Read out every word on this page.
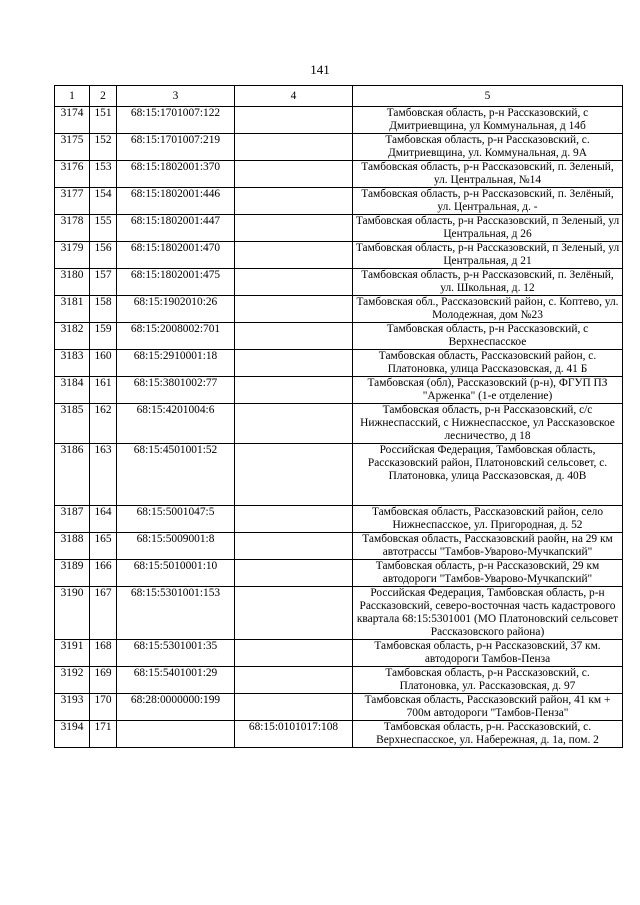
141
1	2	3	4	5
3174	151	68:15:1701007:122		Тамбовская область, р-н Рассказовский, с Дмитриевщина, ул Коммунальная, д 14б
3175	152	68:15:1701007:219		Тамбовская область, р-н Рассказовский, с. Дмитриевщина, ул. Коммунальная, д. 9А
3176	153	68:15:1802001:370		Тамбовская область, р-н Рассказовский, п. Зеленый, ул. Центральная, №14
3177	154	68:15:1802001:446		Тамбовская область, р-н Рассказовский, п. Зелёный, ул. Центральная, д. -
3178	155	68:15:1802001:447		Тамбовская область, р-н Рассказовский, п Зеленый, ул Центральная, д 26
3179	156	68:15:1802001:470		Тамбовская область, р-н Рассказовский, п Зеленый, ул Центральная, д 21
3180	157	68:15:1802001:475		Тамбовская область, р-н Рассказовский, п. Зелёный, ул. Школьная, д. 12
3181	158	68:15:1902010:26		Тамбовская обл., Рассказовский район, с. Коптево, ул. Молодежная, дом №23
3182	159	68:15:2008002:701		Тамбовская область, р-н Рассказовский, с Верхнеспасское
3183	160	68:15:2910001:18		Тамбовская область, Рассказовский район, с. Платоновка, улица Рассказовская, д. 41 Б
3184	161	68:15:3801002:77		Тамбовская (обл), Рассказовский (р-н), ФГУП ПЗ "Арженка" (1-е отделение)
3185	162	68:15:4201004:6		Тамбовская область, р-н Рассказовский, с/с Нижнеспасский, с Нижнеспасское, ул Рассказовское лесничество, д 18
3186	163	68:15:4501001:52		Российская Федерация, Тамбовская область, Рассказовский район, Платоновский сельсовет, с. Платоновка, улица Рассказовская, д. 40В
3187	164	68:15:5001047:5		Тамбовская область, Рассказовский район, село Нижнеспасское, ул. Пригородная, д. 52
3188	165	68:15:5009001:8		Тамбовская область, Рассказовский раойн, на 29 км автотрассы "Тамбов-Уварово-Мучкапский"
3189	166	68:15:5010001:10		Тамбовская область, р-н Рассказовский, 29 км автодороги "Тамбов-Уварово-Мучкапский"
3190	167	68:15:5301001:153		Российская Федерация, Тамбовская область, р-н Рассказовский, северо-восточная часть кадастрового квартала 68:15:5301001 (МО Платоновский сельсовет Рассказовского района)
3191	168	68:15:5301001:35		Тамбовская область, р-н Рассказовский, 37 км. автодороги Тамбов-Пенза
3192	169	68:15:5401001:29		Тамбовская область, р-н Рассказовский, с. Платоновка, ул. Рассказовская, д. 97
3193	170	68:28:0000000:199		Тамбовская область, Рассказовский район, 41 км + 700м автодороги "Тамбов-Пенза"
3194	171		68:15:0101017:108	Тамбовская область, р-н. Рассказовский, с. Верхнеспасское, ул. Набережная, д. 1а, пом. 2
